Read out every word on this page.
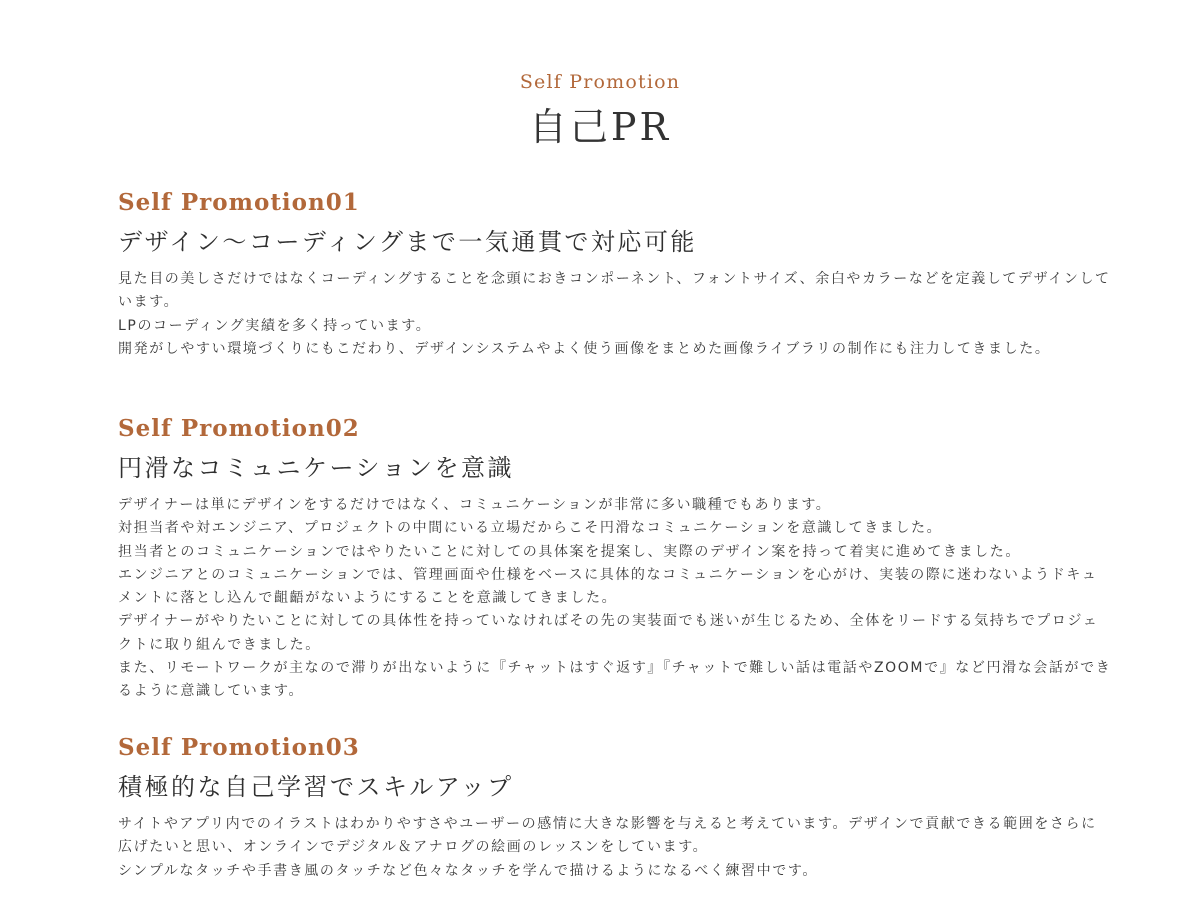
Self Promotion
自己PR
Self Promotion01
デザイン〜コーディングまで一気通貫で対応可能

見た目の美しさだけではなくコーディングすることを念頭におきコンポーネント、フォントサイズ、余白やカラーなどを定義してデザインしています。

LPのコーディング実績を多く持っています。

開発がしやすい環境づくりにもこだわり、デザインシステムやよく使う画像をまとめた画像ライブラリの制作にも注力してきました。

Self Promotion02
円滑なコミュニケーションを意識

デザイナーは単にデザインをするだけではなく、コミュニケーションが非常に多い職種でもあります。

対担当者や対エンジニア、プロジェクトの中間にいる立場だからこそ円滑なコミュニケーションを意識してきました。

担当者とのコミュニケーションではやりたいことに対しての具体案を提案し、実際のデザイン案を持って着実に進めてきました。

エンジニアとのコミュニケーションでは、管理画面や仕様をベースに具体的なコミュニケーションを心がけ、実装の際に迷わないようドキュメントに落とし込んで齟齬がないようにすることを意識してきました。

デザイナーがやりたいことに対しての具体性を持っていなければその先の実装面でも迷いが生じるため、全体をリードする気持ちでプロジェクトに取り組んできました。

また、リモートワークが主なので滞りが出ないように『チャットはすぐ返す』『チャットで難しい話は電話やZOOMで』など円滑な会話ができるように意識しています。

Self Promotion03
積極的な自己学習でスキルアップ

サイトやアプリ内でのイラストはわかりやすさやユーザーの感情に大きな影響を与えると考えています。デザインで貢献できる範囲をさらに広げたいと思い、オンラインでデジタル＆アナログの絵画のレッスンをしています。

シンプルなタッチや手書き風のタッチなど色々なタッチを学んで描けるようになるべく練習中です。
